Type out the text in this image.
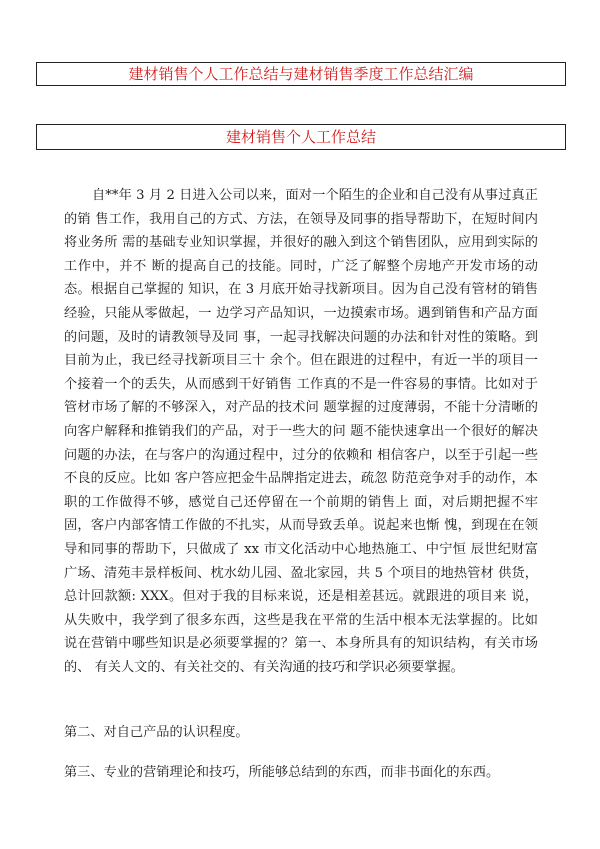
建材销售个人工作总结与建材销售季度工作总结汇编
建材销售个人工作总结

自**年 3 月 2 日进入公司以来，面对一个陌生的企业和自己没有从事过真正的销 售工作，我用自己的方式、方法，在领导及同事的指导帮助下，在短时间内将业务所 需的基础专业知识掌握，并很好的融入到这个销售团队，应用到实际的工作中，并不 断的提高自己的技能。同时，广泛了解整个房地产开发市场的动态。根据自己掌握的 知识，在 3 月底开始寻找新项目。因为自己没有管材的销售经验，只能从零做起，一 边学习产品知识，一边摸索市场。遇到销售和产品方面的问题，及时的请教领导及同 事，一起寻找解决问题的办法和针对性的策略。到目前为止，我已经寻找新项目三十 余个。但在跟进的过程中，有近一半的项目一个接着一个的丢失，从而感到干好销售 工作真的不是一件容易的事情。比如对于管材市场了解的不够深入，对产品的技术问 题掌握的过度薄弱，不能十分清晰的向客户解释和推销我们的产品，对于一些大的问 题不能快速拿出一个很好的解决问题的办法，在与客户的沟通过程中，过分的依赖和 相信客户，以至于引起一些不良的反应。比如 客户答应把金牛品牌指定进去，疏忽 防范竞争对手的动作，本职的工作做得不够，感觉自己还停留在一个前期的销售上 面，对后期把握不牢固，客户内部客情工作做的不扎实，从而导致丢单。说起来也惭 愧，到现在在领导和同事的帮助下，只做成了 xx 市文化活动中心地热施工、中宁恒 辰世纪财富广场、清苑丰景样板间、枕水幼儿园、盈北家园，共 5 个项目的地热管材 供货，总计回款额: XXX。但对于我的目标来说，还是相差甚远。就跟进的项目来 说，从失败中，我学到了很多东西，这些是我在平常的生活中根本无法掌握的。比如 说在营销中哪些知识是必须要掌握的？第一、本身所具有的知识结构，有关市场的、 有关人文的、有关社交的、有关沟通的技巧和学识必须要掌握。

第二、对自己产品的认识程度。

第三、专业的营销理论和技巧，所能够总结到的东西，而非书面化的东西。
